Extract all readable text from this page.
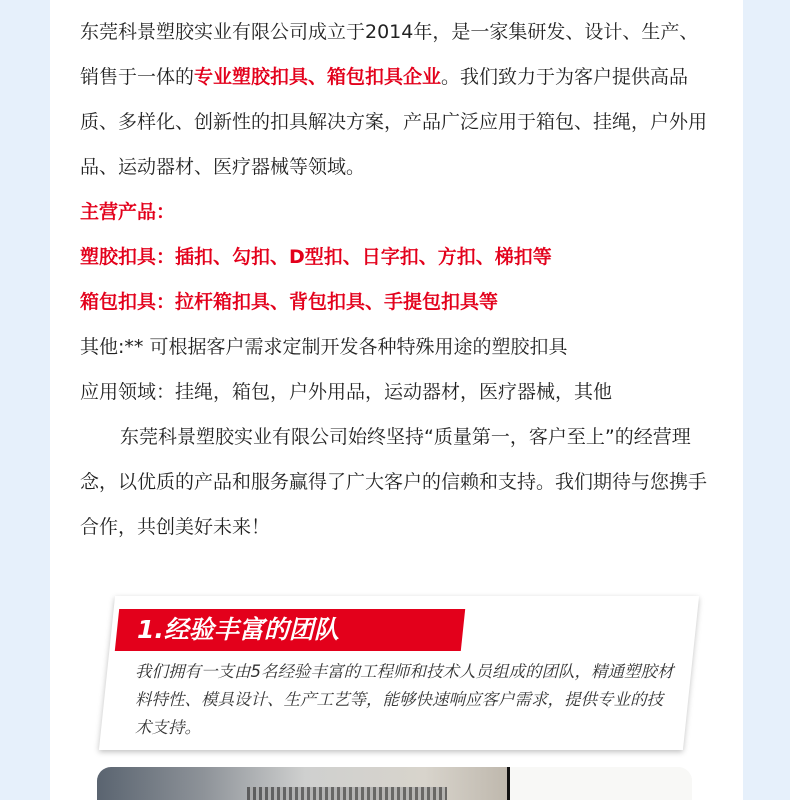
东莞科景塑胶实业有限公司成立于2014年，是一家集研发、设计、生产、销售于一体的专业塑胶扣具、箱包扣具企业。我们致力于为客户提供高品质、多样化、创新性的扣具解决方案，产品广泛应用于箱包、挂绳，户外用品、运动器材、医疗器械等领域。

主营产品：

塑胶扣具：插扣、勾扣、D型扣、日字扣、方扣、梯扣等

箱包扣具：拉杆箱扣具、背包扣具、手提包扣具等

其他:** 可根据客户需求定制开发各种特殊用途的塑胶扣具

应用领域：挂绳，箱包，户外用品，运动器材，医疗器械，其他

东莞科景塑胶实业有限公司始终坚持“质量第一，客户至上”的经营理念，以优质的产品和服务赢得了广大客户的信赖和支持。我们期待与您携手合作，共创美好未来！

1.经验丰富的团队
我们拥有一支由5名经验丰富的工程师和技术人员组成的团队，精通塑胶材料特性、模具设计、生产工艺等，能够快速响应客户需求，提供专业的技术支持。
